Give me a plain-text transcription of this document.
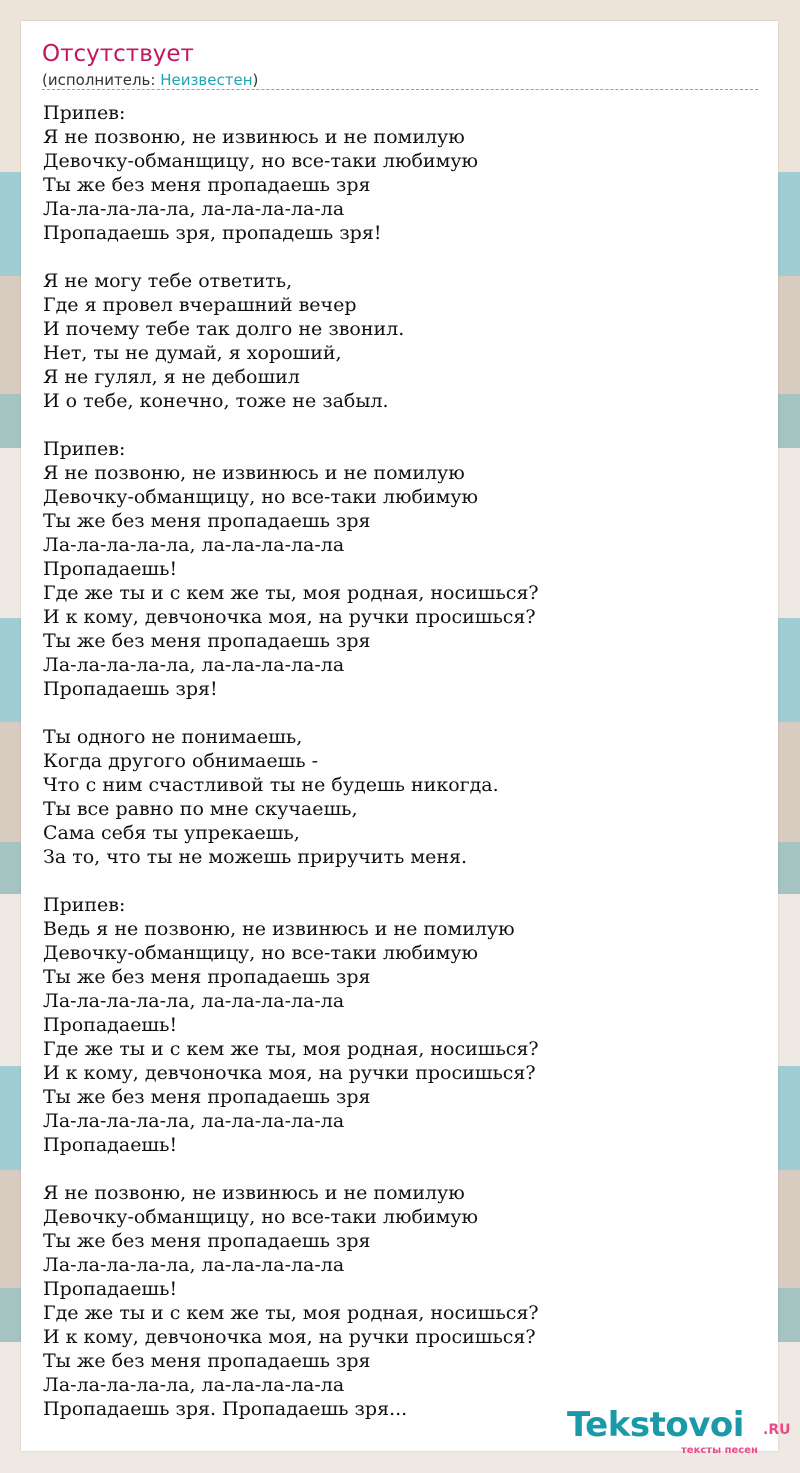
Отсутствует
(исполнитель: Неизвестен)
Припев:
Я не позвоню, не извинюсь и не помилую
Девочку-обманщицу, но все-таки любимую
Ты же без меня пропадаешь зря
Ла-ла-ла-ла-ла, ла-ла-ла-ла-ла
Пропадаешь зря, пропадешь зря!

Я не могу тебе ответить,
Где я провел вчерашний вечер
И почему тебе так долго не звонил.
Нет, ты не думай, я хороший,
Я не гулял, я не дебошил
И о тебе, конечно, тоже не забыл.

Припев:
Я не позвоню, не извинюсь и не помилую
Девочку-обманщицу, но все-таки любимую
Ты же без меня пропадаешь зря
Ла-ла-ла-ла-ла, ла-ла-ла-ла-ла
Пропадаешь!
Где же ты и с кем же ты, моя родная, носишься?
И к кому, девчоночка моя, на ручки просишься?
Ты же без меня пропадаешь зря
Ла-ла-ла-ла-ла, ла-ла-ла-ла-ла
Пропадаешь зря!

Ты одного не понимаешь,
Когда другого обнимаешь -
Что с ним счастливой ты не будешь никогда.
Ты все равно по мне скучаешь,
Сама себя ты упрекаешь,
За то, что ты не можешь приручить меня.

Припев:
Ведь я не позвоню, не извинюсь и не помилую
Девочку-обманщицу, но все-таки любимую
Ты же без меня пропадаешь зря
Ла-ла-ла-ла-ла, ла-ла-ла-ла-ла
Пропадаешь!
Где же ты и с кем же ты, моя родная, носишься?
И к кому, девчоночка моя, на ручки просишься?
Ты же без меня пропадаешь зря
Ла-ла-ла-ла-ла, ла-ла-ла-ла-ла
Пропадаешь!

Я не позвоню, не извинюсь и не помилую
Девочку-обманщицу, но все-таки любимую
Ты же без меня пропадаешь зря
Ла-ла-ла-ла-ла, ла-ла-ла-ла-ла
Пропадаешь!
Где же ты и с кем же ты, моя родная, носишься?
И к кому, девчоночка моя, на ручки просишься?
Ты же без меня пропадаешь зря
Ла-ла-ла-ла-ла, ла-ла-ла-ла-ла
Пропадаешь зря. Пропадаешь зря...	Tekstovoi .RU
тексты песен
